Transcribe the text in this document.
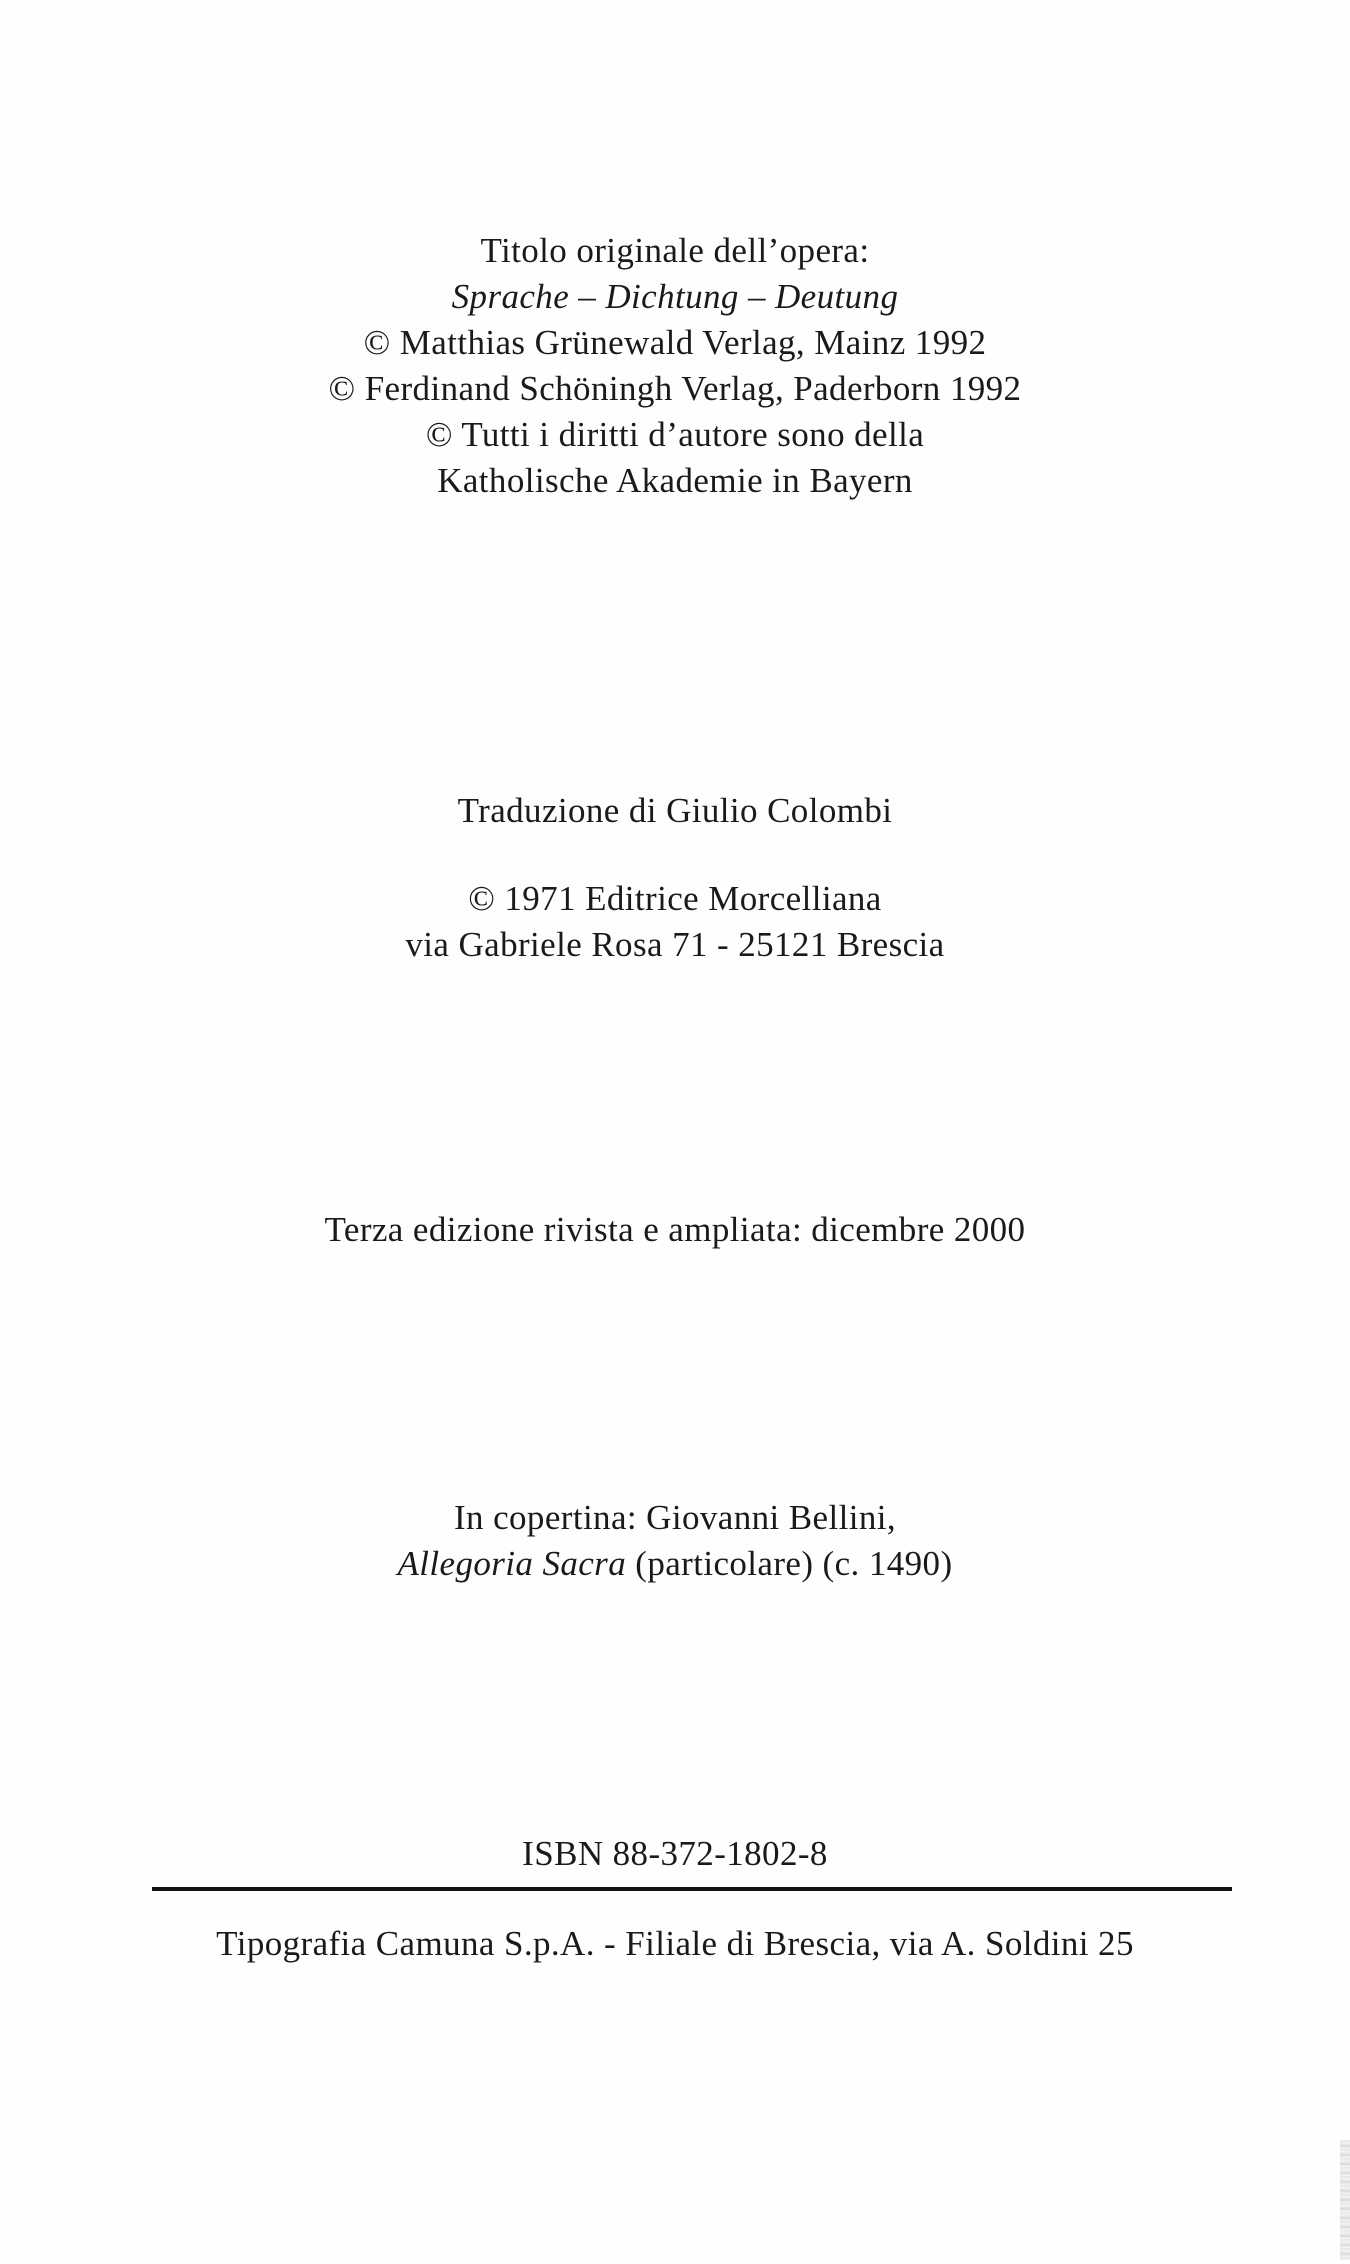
Titolo originale dell’opera:
Sprache – Dichtung – Deutung
© Matthias Grünewald Verlag, Mainz 1992
© Ferdinand Schöningh Verlag, Paderborn 1992
© Tutti i diritti d’autore sono della
Katholische Akademie in Bayern
Traduzione di Giulio Colombi
© 1971 Editrice Morcelliana
via Gabriele Rosa 71 - 25121 Brescia
Terza edizione rivista e ampliata: dicembre 2000
In copertina: Giovanni Bellini,
Allegoria Sacra (particolare) (c. 1490)
ISBN 88-372-1802-8
Tipografia Camuna S.p.A. - Filiale di Brescia, via A. Soldini 25
